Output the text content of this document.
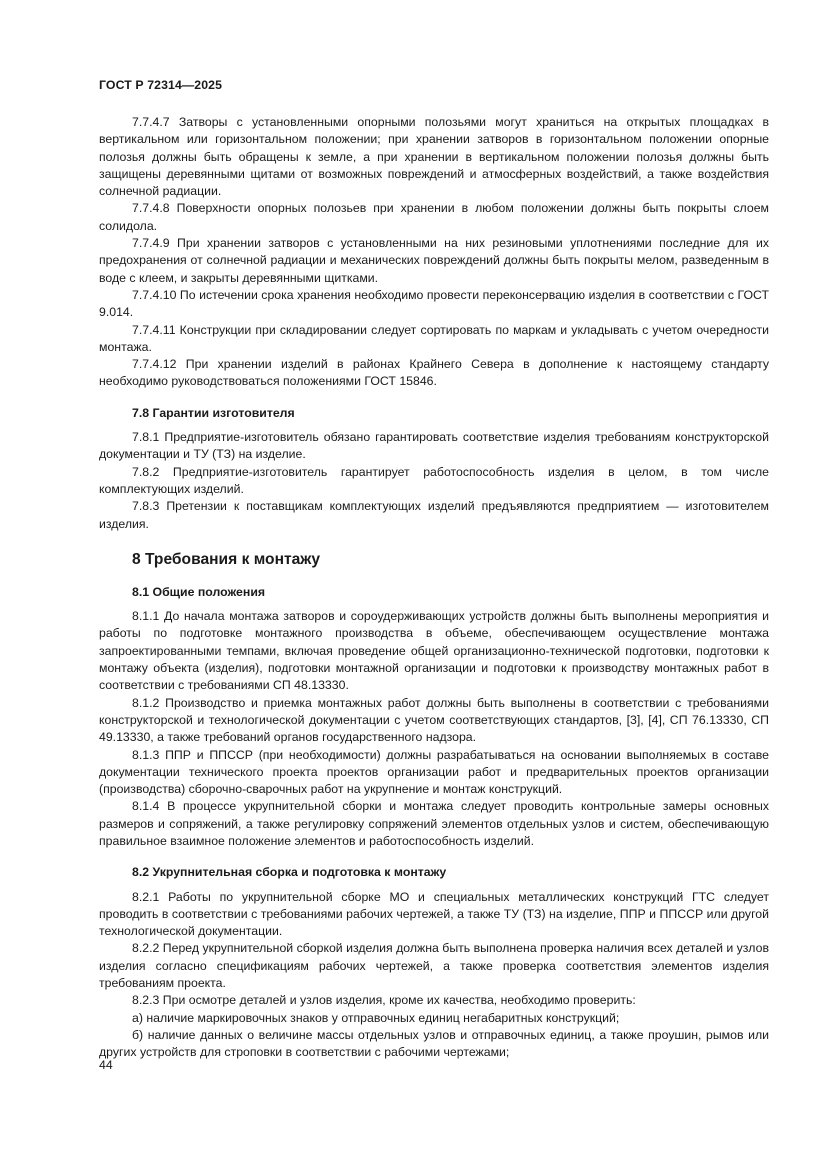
ГОСТ Р 72314—2025

7.7.4.7 Затворы с установленными опорными полозьями могут храниться на открытых площадках в вертикальном или горизонтальном положении; при хранении затворов в горизонтальном положении опорные полозья должны быть обращены к земле, а при хранении в вертикальном положении полозья должны быть защищены деревянными щитами от возможных повреждений и атмосферных воздействий, а также воздействия солнечной радиации.

7.7.4.8 Поверхности опорных полозьев при хранении в любом положении должны быть покрыты слоем солидола.

7.7.4.9 При хранении затворов с установленными на них резиновыми уплотнениями последние для их предохранения от солнечной радиации и механических повреждений должны быть покрыты мелом, разведенным в воде с клеем, и закрыты деревянными щитками.

7.7.4.10 По истечении срока хранения необходимо провести переконсервацию изделия в соответствии с ГОСТ 9.014.

7.7.4.11 Конструкции при складировании следует сортировать по маркам и укладывать с учетом очередности монтажа.

7.7.4.12 При хранении изделий в районах Крайнего Севера в дополнение к настоящему стандарту необходимо руководствоваться положениями ГОСТ 15846.

7.8 Гарантии изготовителя

7.8.1 Предприятие-изготовитель обязано гарантировать соответствие изделия требованиям конструкторской документации и ТУ (ТЗ) на изделие.

7.8.2 Предприятие-изготовитель гарантирует работоспособность изделия в целом, в том числе комплектующих изделий.

7.8.3 Претензии к поставщикам комплектующих изделий предъявляются предприятием — изготовителем изделия.

8 Требования к монтажу
8.1 Общие положения

8.1.1 До начала монтажа затворов и сороудерживающих устройств должны быть выполнены мероприятия и работы по подготовке монтажного производства в объеме, обеспечивающем осуществление монтажа запроектированными темпами, включая проведение общей организационно-технической подготовки, подготовки к монтажу объекта (изделия), подготовки монтажной организации и подготовки к производству монтажных работ в соответствии с требованиями СП 48.13330.

8.1.2 Производство и приемка монтажных работ должны быть выполнены в соответствии с требованиями конструкторской и технологической документации с учетом соответствующих стандартов, [3], [4], СП 76.13330, СП 49.13330, а также требований органов государственного надзора.

8.1.3 ППР и ППССР (при необходимости) должны разрабатываться на основании выполняемых в составе документации технического проекта проектов организации работ и предварительных проектов организации (производства) сборочно-сварочных работ на укрупнение и монтаж конструкций.

8.1.4 В процессе укрупнительной сборки и монтажа следует проводить контрольные замеры основных размеров и сопряжений, а также регулировку сопряжений элементов отдельных узлов и систем, обеспечивающую правильное взаимное положение элементов и работоспособность изделий.

8.2 Укрупнительная сборка и подготовка к монтажу

8.2.1 Работы по укрупнительной сборке МО и специальных металлических конструкций ГТС следует проводить в соответствии с требованиями рабочих чертежей, а также ТУ (ТЗ) на изделие, ППР и ППССР или другой технологической документации.

8.2.2 Перед укрупнительной сборкой изделия должна быть выполнена проверка наличия всех деталей и узлов изделия согласно спецификациям рабочих чертежей, а также проверка соответствия элементов изделия требованиям проекта.

8.2.3 При осмотре деталей и узлов изделия, кроме их качества, необходимо проверить:

а) наличие маркировочных знаков у отправочных единиц негабаритных конструкций;

б) наличие данных о величине массы отдельных узлов и отправочных единиц, а также проушин, рымов или других устройств для строповки в соответствии с рабочими чертежами;

44
